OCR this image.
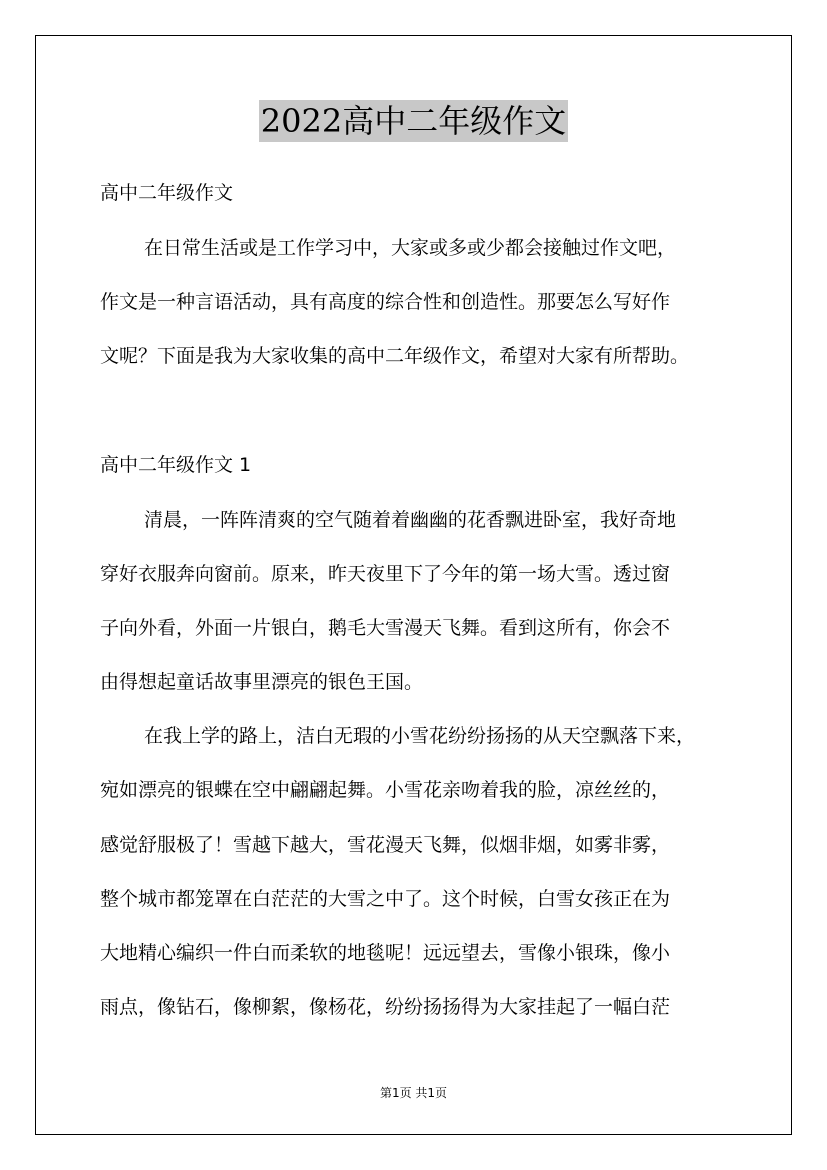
2022高中二年级作文
高中二年级作文
在日常生活或是工作学习中，大家或多或少都会接触过作文吧，
作文是一种言语活动，具有高度的综合性和创造性。那要怎么写好作
文呢？下面是我为大家收集的高中二年级作文，希望对大家有所帮助。
高中二年级作文 1
清晨，一阵阵清爽的空气随着着幽幽的花香飘进卧室，我好奇地
穿好衣服奔向窗前。原来，昨天夜里下了今年的第一场大雪。透过窗
子向外看，外面一片银白，鹅毛大雪漫天飞舞。看到这所有，你会不
由得想起童话故事里漂亮的银色王国。
在我上学的路上，洁白无瑕的小雪花纷纷扬扬的从天空飘落下来，
宛如漂亮的银蝶在空中翩翩起舞。小雪花亲吻着我的脸，凉丝丝的，
感觉舒服极了！雪越下越大，雪花漫天飞舞，似烟非烟，如雾非雾，
整个城市都笼罩在白茫茫的大雪之中了。这个时候，白雪女孩正在为
大地精心编织一件白而柔软的地毯呢！远远望去，雪像小银珠，像小
雨点，像钻石，像柳絮，像杨花，纷纷扬扬得为大家挂起了一幅白茫
第1页 共1页
